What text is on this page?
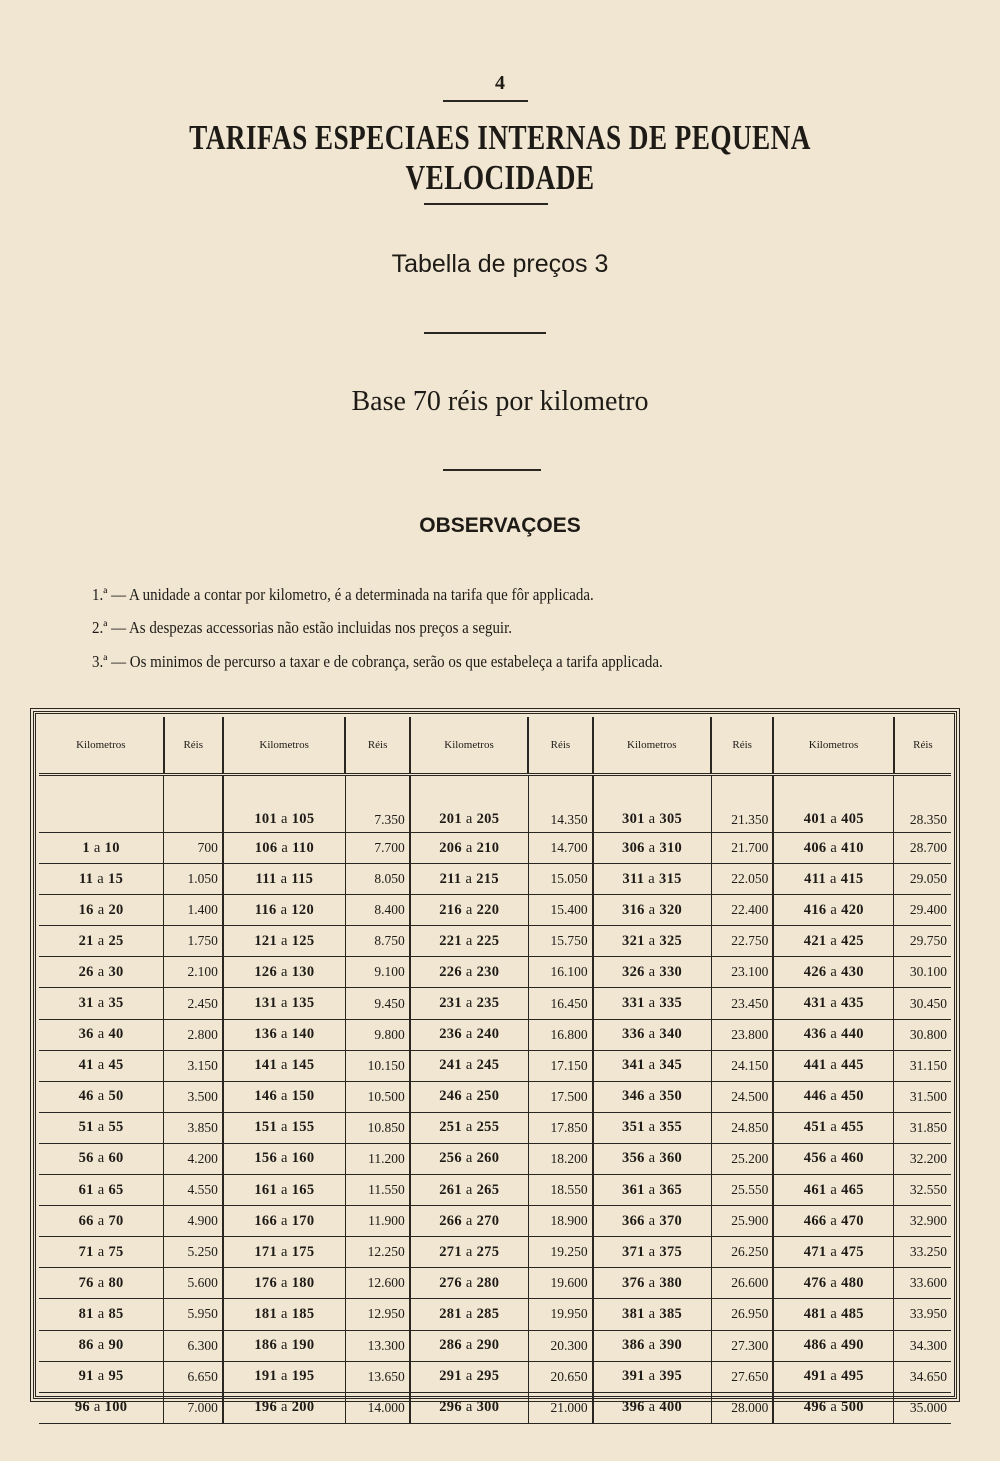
4
TARIFAS ESPECIAES INTERNAS DE PEQUENA VELOCIDADE
Tabella de preços 3
Base 70 réis por kilometro
OBSERVAÇOES
1.ª — A unidade a contar por kilometro, é a determinada na tarifa que fôr applicada.
2.ª — As despezas accessorias não estão incluidas nos preços a seguir.
3.ª — Os minimos de percurso a taxar e de cobrança, serão os que estabeleça a tarifa applicada.
Kilometros	Réis	Kilometros	Réis	Kilometros	Réis	Kilometros	Réis	Kilometros	Réis
		101 a 105	7.350	201 a 205	14.350	301 a 305	21.350	401 a 405	28.350
1 a 10	700	106 a 110	7.700	206 a 210	14.700	306 a 310	21.700	406 a 410	28.700
11 a 15	1.050	111 a 115	8.050	211 a 215	15.050	311 a 315	22.050	411 a 415	29.050
16 a 20	1.400	116 a 120	8.400	216 a 220	15.400	316 a 320	22.400	416 a 420	29.400
21 a 25	1.750	121 a 125	8.750	221 a 225	15.750	321 a 325	22.750	421 a 425	29.750
26 a 30	2.100	126 a 130	9.100	226 a 230	16.100	326 a 330	23.100	426 a 430	30.100
31 a 35	2.450	131 a 135	9.450	231 a 235	16.450	331 a 335	23.450	431 a 435	30.450
36 a 40	2.800	136 a 140	9.800	236 a 240	16.800	336 a 340	23.800	436 a 440	30.800
41 a 45	3.150	141 a 145	10.150	241 a 245	17.150	341 a 345	24.150	441 a 445	31.150
46 a 50	3.500	146 a 150	10.500	246 a 250	17.500	346 a 350	24.500	446 a 450	31.500
51 a 55	3.850	151 a 155	10.850	251 a 255	17.850	351 a 355	24.850	451 a 455	31.850
56 a 60	4.200	156 a 160	11.200	256 a 260	18.200	356 a 360	25.200	456 a 460	32.200
61 a 65	4.550	161 a 165	11.550	261 a 265	18.550	361 a 365	25.550	461 a 465	32.550
66 a 70	4.900	166 a 170	11.900	266 a 270	18.900	366 a 370	25.900	466 a 470	32.900
71 a 75	5.250	171 a 175	12.250	271 a 275	19.250	371 a 375	26.250	471 a 475	33.250
76 a 80	5.600	176 a 180	12.600	276 a 280	19.600	376 a 380	26.600	476 a 480	33.600
81 a 85	5.950	181 a 185	12.950	281 a 285	19.950	381 a 385	26.950	481 a 485	33.950
86 a 90	6.300	186 a 190	13.300	286 a 290	20.300	386 a 390	27.300	486 a 490	34.300
91 a 95	6.650	191 a 195	13.650	291 a 295	20.650	391 a 395	27.650	491 a 495	34.650
96 a 100	7.000	196 a 200	14.000	296 a 300	21.000	396 a 400	28.000	496 a 500	35.000
